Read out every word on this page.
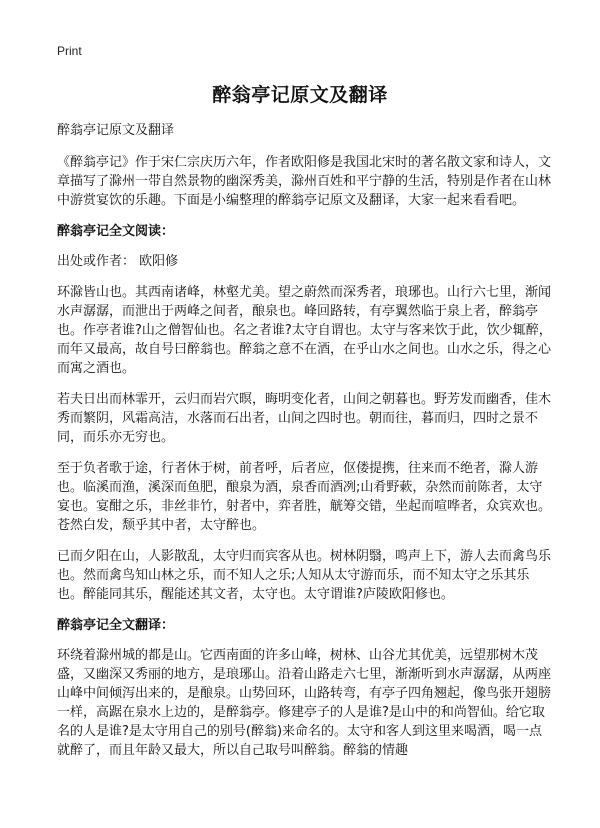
Print
醉翁亭记原文及翻译

醉翁亭记原文及翻译

《醉翁亭记》作于宋仁宗庆历六年，作者欧阳修是我国北宋时的著名散文家和诗人，文章描写了滁州一带自然景物的幽深秀美，滁州百姓和平宁静的生活，特别是作者在山林中游赏宴饮的乐趣。下面是小编整理的醉翁亭记原文及翻译，大家一起来看看吧。

醉翁亭记全文阅读：

出处或作者： 欧阳修

环滁皆山也。其西南诸峰，林壑尤美。望之蔚然而深秀者，琅琊也。山行六七里，渐闻水声潺潺，而泄出于两峰之间者，酿泉也。峰回路转，有亭翼然临于泉上者，醉翁亭也。作亭者谁?山之僧智仙也。名之者谁?太守自谓也。太守与客来饮于此，饮少辄醉，而年又最高，故自号曰醉翁也。醉翁之意不在酒，在乎山水之间也。山水之乐，得之心而寓之酒也。

若夫日出而林霏开，云归而岩穴暝，晦明变化者，山间之朝暮也。野芳发而幽香，佳木秀而繁阴，风霜高洁，水落而石出者，山间之四时也。朝而往，暮而归，四时之景不同，而乐亦无穷也。

至于负者歌于途，行者休于树，前者呼，后者应，伛偻提携，往来而不绝者，滁人游也。临溪而渔，溪深而鱼肥，酿泉为酒，泉香而酒冽;山肴野蔌，杂然而前陈者，太守宴也。宴酣之乐，非丝非竹，射者中，弈者胜，觥筹交错，坐起而喧哗者，众宾欢也。苍然白发，颓乎其中者，太守醉也。

已而夕阳在山，人影散乱，太守归而宾客从也。树林阴翳，鸣声上下，游人去而禽鸟乐也。然而禽鸟知山林之乐，而不知人之乐;人知从太守游而乐，而不知太守之乐其乐也。醉能同其乐，醒能述其文者，太守也。太守谓谁?庐陵欧阳修也。

醉翁亭记全文翻译：

环绕着滁州城的都是山。它西南面的许多山峰，树林、山谷尤其优美，远望那树木茂盛，又幽深又秀丽的地方，是琅琊山。沿着山路走六七里，渐渐听到水声潺潺，从两座山峰中间倾泻出来的，是酿泉。山势回环，山路转弯，有亭子四角翘起，像鸟张开翅膀一样，高踞在泉水上边的，是醉翁亭。修建亭子的人是谁?是山中的和尚智仙。给它取名的人是谁?是太守用自己的别号(醉翁)来命名的。太守和客人到这里来喝酒，喝一点就醉了，而且年龄又最大，所以自己取号叫醉翁。醉翁的情趣
